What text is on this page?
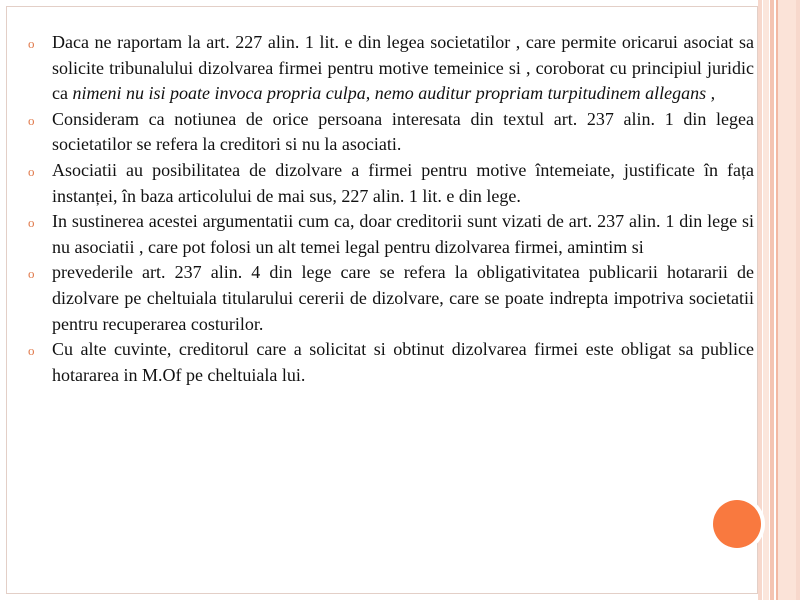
o Daca ne raportam la art. 227 alin. 1 lit. e din legea societatilor , care permite oricarui asociat sa solicite tribunalului dizolvarea firmei pentru motive temeinice si , coroborat cu principiul juridic ca nimeni nu isi poate invoca propria culpa, nemo auditur propriam turpitudinem allegans ,
o Consideram ca notiunea de orice persoana interesata din textul art. 237 alin. 1 din legea societatilor se refera la creditori si nu la asociati.
o Asociatii au posibilitatea de dizolvare a firmei pentru motive întemeiate, justificate în fața instanței, în baza articolului de mai sus, 227 alin. 1 lit. e din lege.
o In sustinerea acestei argumentatii cum ca, doar creditorii sunt vizati de art. 237 alin. 1 din lege si nu asociatii , care pot folosi un alt temei legal pentru dizolvarea firmei, amintim si
o prevederile art. 237 alin. 4 din lege care se refera la obligativitatea publicarii hotararii de dizolvare pe cheltuiala titularului cererii de dizolvare, care se poate indrepta impotriva societatii pentru recuperarea costurilor.
o Cu alte cuvinte, creditorul care a solicitat si obtinut dizolvarea firmei este obligat sa publice hotararea in M.Of pe cheltuiala lui.
